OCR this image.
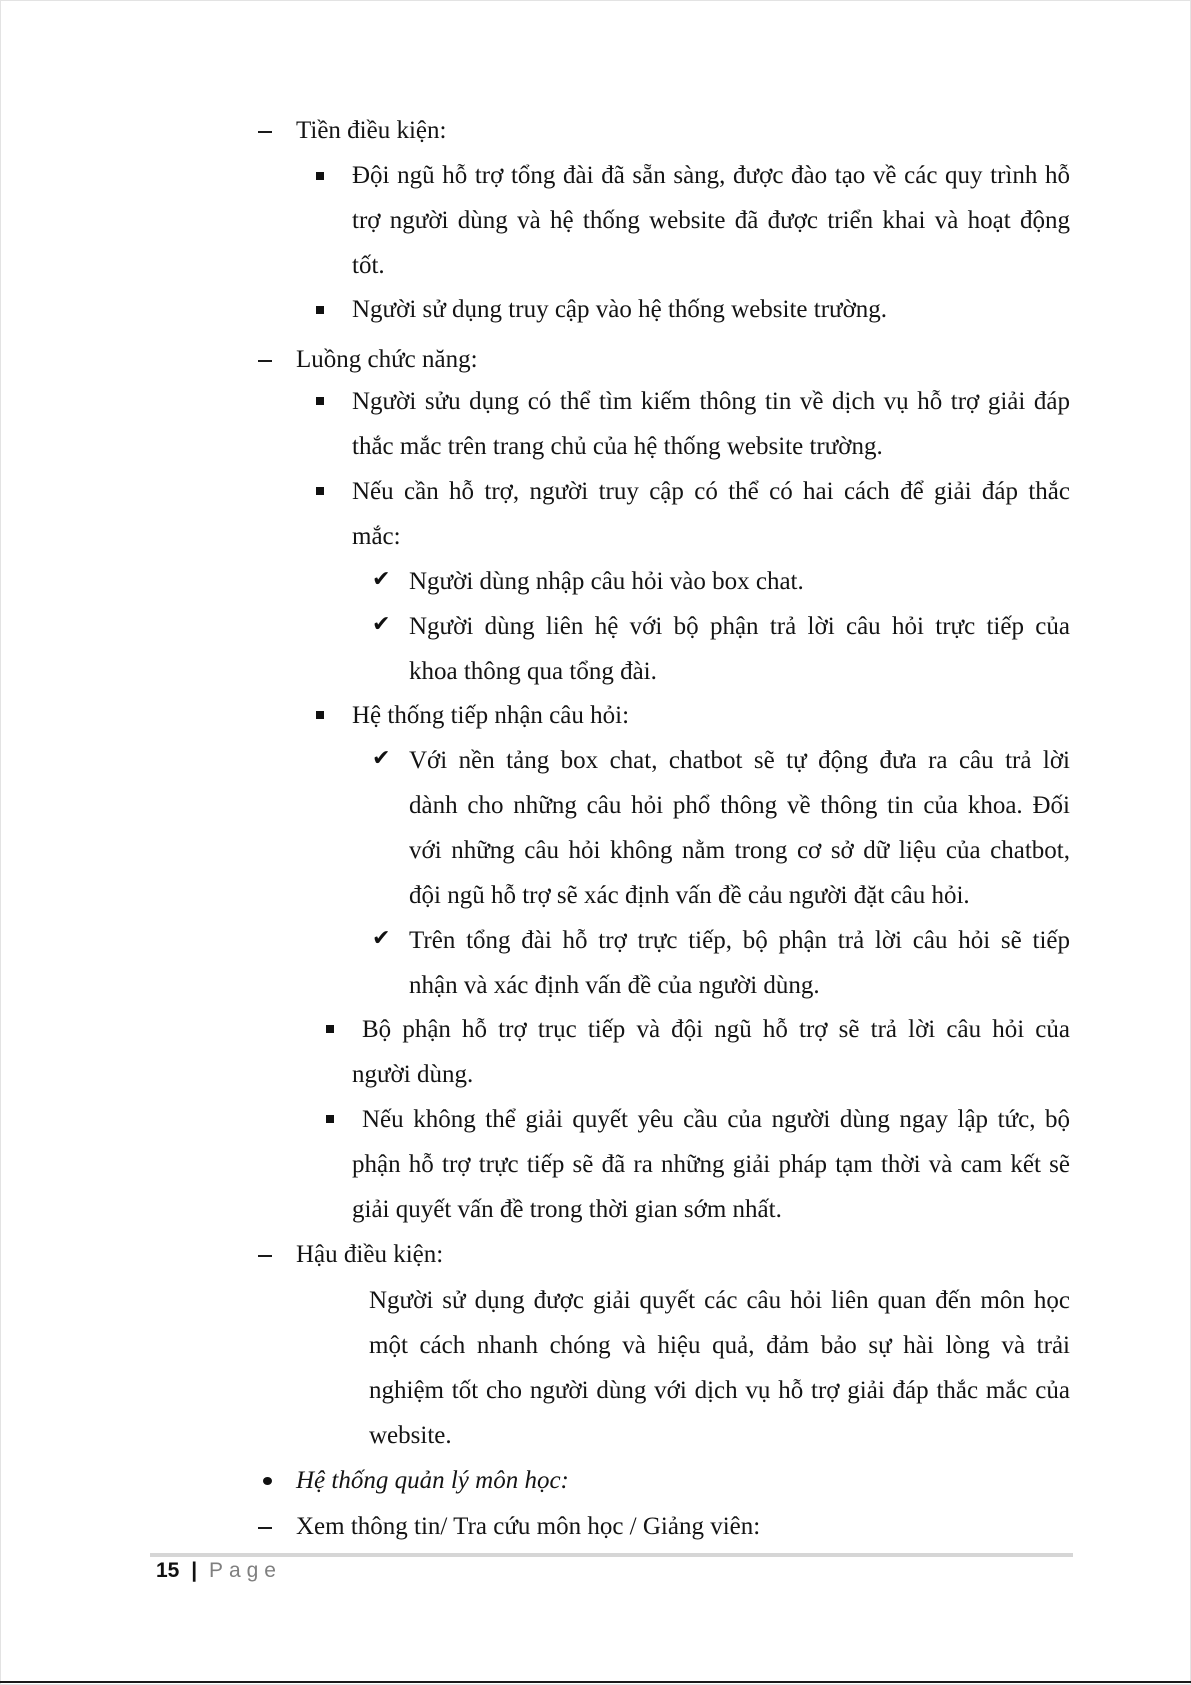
Tiền điều kiện:
Đội ngũ hỗ trợ tổng đài đã sẵn sàng, được đào tạo về các quy trình hỗ
trợ người dùng và hệ thống website đã được triển khai và hoạt động
tốt.
Người sử dụng truy cập vào hệ thống website trường.
Luồng chức năng:
Người sửu dụng có thể tìm kiếm thông tin về dịch vụ hỗ trợ giải đáp
thắc mắc trên trang chủ của hệ thống website trường.
Nếu cần hỗ trợ, người truy cập có thể có hai cách để giải đáp thắc
mắc:
✔ Người dùng nhập câu hỏi vào box chat.
✔ Người dùng liên hệ với bộ phận trả lời câu hỏi trực tiếp của
khoa thông qua tổng đài.
Hệ thống tiếp nhận câu hỏi:
✔ Với nền tảng box chat, chatbot sẽ tự động đưa ra câu trả lời
dành cho những câu hỏi phổ thông về thông tin của khoa. Đối
với những câu hỏi không nằm trong cơ sở dữ liệu của chatbot,
đội ngũ hỗ trợ sẽ xác định vấn đề cảu người đặt câu hỏi.
✔ Trên tổng đài hỗ trợ trực tiếp, bộ phận trả lời câu hỏi sẽ tiếp
nhận và xác định vấn đề của người dùng.
Bộ phận hỗ trợ trục tiếp và đội ngũ hỗ trợ sẽ trả lời câu hỏi của
người dùng.
Nếu không thể giải quyết yêu cầu của người dùng ngay lập tức, bộ
phận hỗ trợ trực tiếp sẽ đã ra những giải pháp tạm thời và cam kết sẽ
giải quyết vấn đề trong thời gian sớm nhất.
Hậu điều kiện:
Người sử dụng được giải quyết các câu hỏi liên quan đến môn học
một cách nhanh chóng và hiệu quả, đảm bảo sự hài lòng và trải
nghiệm tốt cho người dùng với dịch vụ hỗ trợ giải đáp thắc mắc của
website.
Hệ thống quản lý môn học:
Xem thông tin/ Tra cứu môn học / Giảng viên:
15 | Page
